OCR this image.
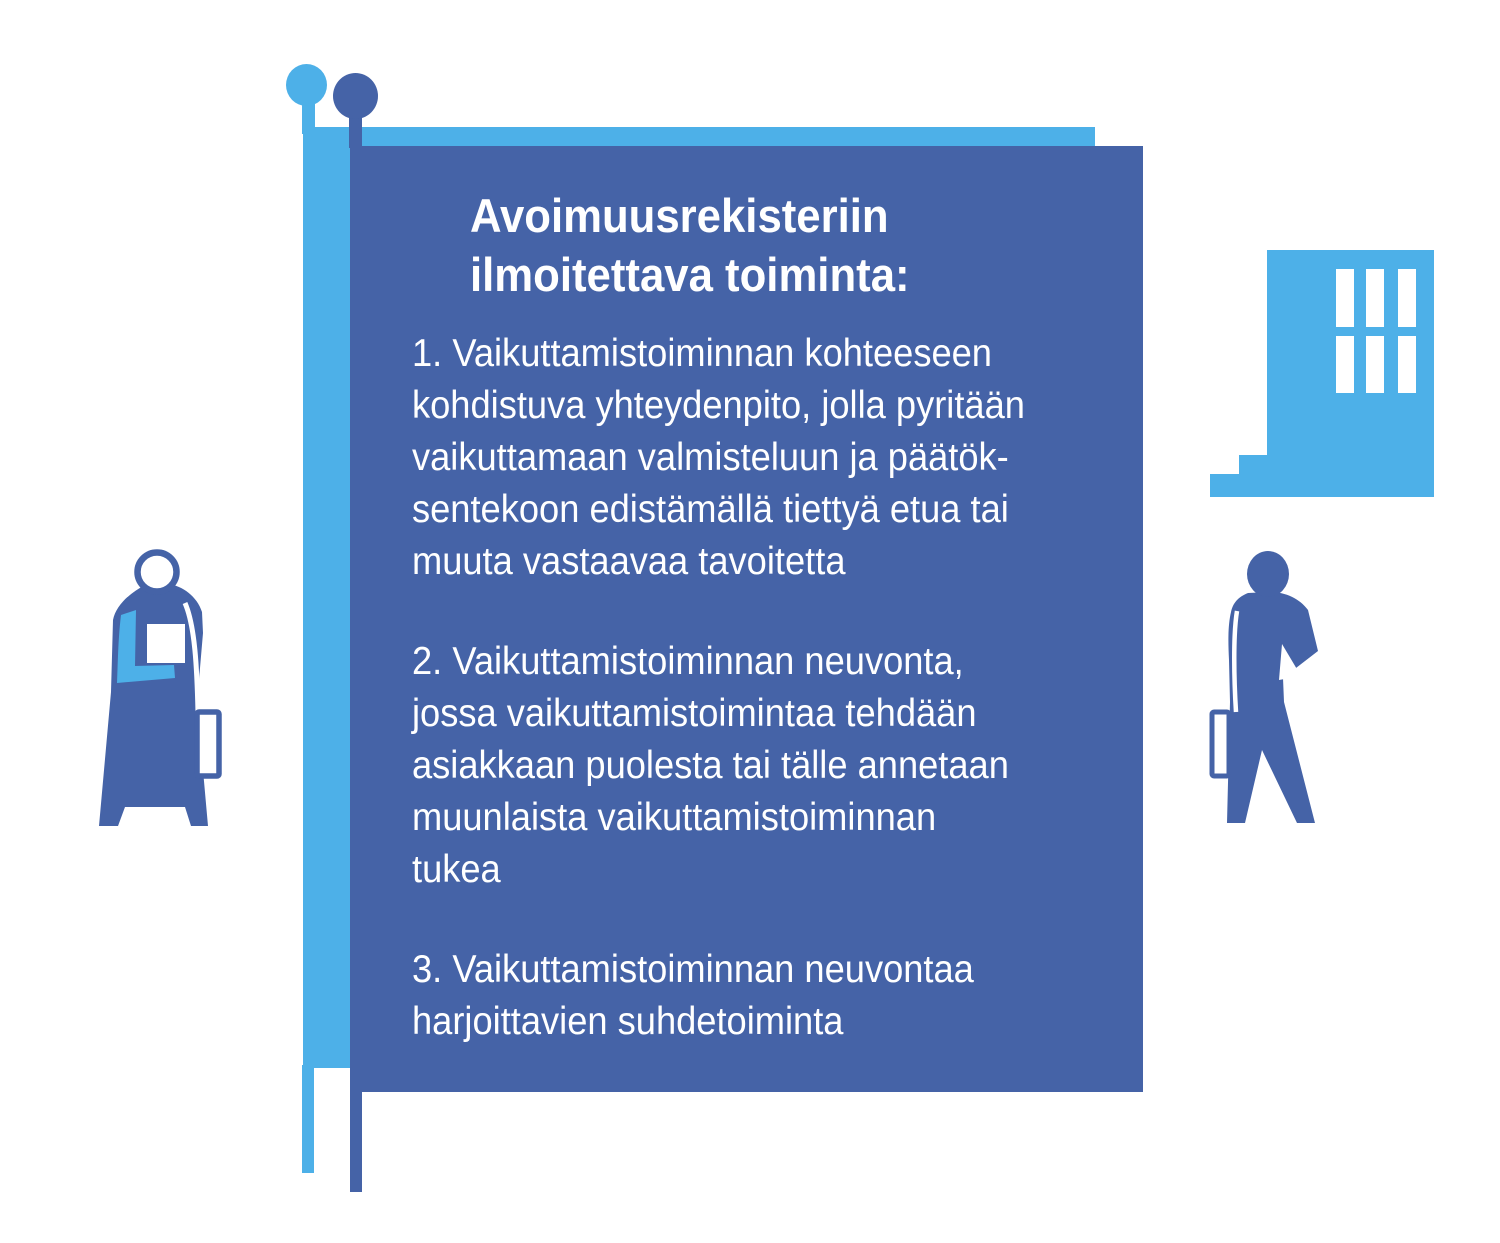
Avoimuusrekisteriin
ilmoitettava toiminta:
1. Vaikuttamistoiminnan kohteeseen
kohdistuva yhteydenpito, jolla pyritään
vaikuttamaan valmisteluun ja päätök-
sentekoon edistämällä tiettyä etua tai
muuta vastaavaa tavoitetta
2. Vaikuttamistoiminnan neuvonta,
jossa vaikuttamistoimintaa tehdään
asiakkaan puolesta tai tälle annetaan
muunlaista vaikuttamistoiminnan
tukea
3. Vaikuttamistoiminnan neuvontaa
harjoittavien suhdetoiminta
